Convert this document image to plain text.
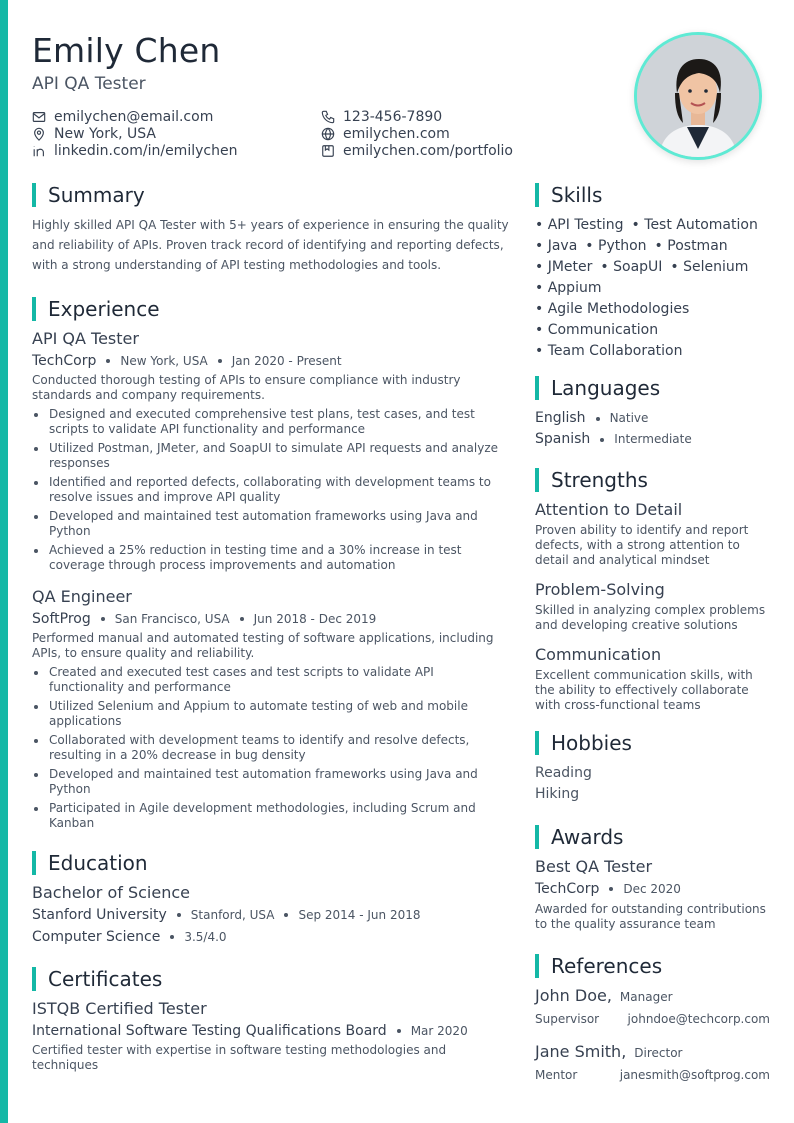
Emily Chen
API QA Tester
emilychen@email.com
New York, USA
linkedin.com/in/emilychen
123-456-7890
emilychen.com
emilychen.com/portfolio
Summary

Highly skilled API QA Tester with 5+ years of experience in ensuring the quality and reliability of APIs. Proven track record of identifying and reporting defects, with a strong understanding of API testing methodologies and tools.

Experience
API QA Tester
TechCorp New York, USA Jan 2020 - Present

Conducted thorough testing of APIs to ensure compliance with industry standards and company requirements.

Designed and executed comprehensive test plans, test cases, and test scripts to validate API functionality and performance
Utilized Postman, JMeter, and SoapUI to simulate API requests and analyze responses
Identified and reported defects, collaborating with development teams to resolve issues and improve API quality
Developed and maintained test automation frameworks using Java and Python
Achieved a 25% reduction in testing time and a 30% increase in test coverage through process improvements and automation
QA Engineer
SoftProg San Francisco, USA Jun 2018 - Dec 2019

Performed manual and automated testing of software applications, including APIs, to ensure quality and reliability.

Created and executed test cases and test scripts to validate API functionality and performance
Utilized Selenium and Appium to automate testing of web and mobile applications
Collaborated with development teams to identify and resolve defects, resulting in a 20% decrease in bug density
Developed and maintained test automation frameworks using Java and Python
Participated in Agile development methodologies, including Scrum and Kanban
Education
Bachelor of Science
Stanford University Stanford, USA Sep 2014 - Jun 2018
Computer Science 3.5/4.0
Certificates
ISTQB Certified Tester
International Software Testing Qualifications Board Mar 2020

Certified tester with expertise in software testing methodologies and techniques

Skills
• API Testing	• Test Automation
• Java	• Python	• Postman
• JMeter	• SoapUI	• Selenium
• Appium
• Agile Methodologies
• Communication
• Team Collaboration
Languages
English Native
Spanish Intermediate
Strengths
Attention to Detail

Proven ability to identify and report defects, with a strong attention to detail and analytical mindset

Problem-Solving

Skilled in analyzing complex problems and developing creative solutions

Communication

Excellent communication skills, with the ability to effectively collaborate with cross-functional teams

Hobbies
Reading
Hiking
Awards
Best QA Tester
TechCorp Dec 2020

Awarded for outstanding contributions to the quality assurance team

References
John Doe, Manager
Supervisor johndoe@techcorp.com
Jane Smith, Director
Mentor	janesmith@softprog.com
